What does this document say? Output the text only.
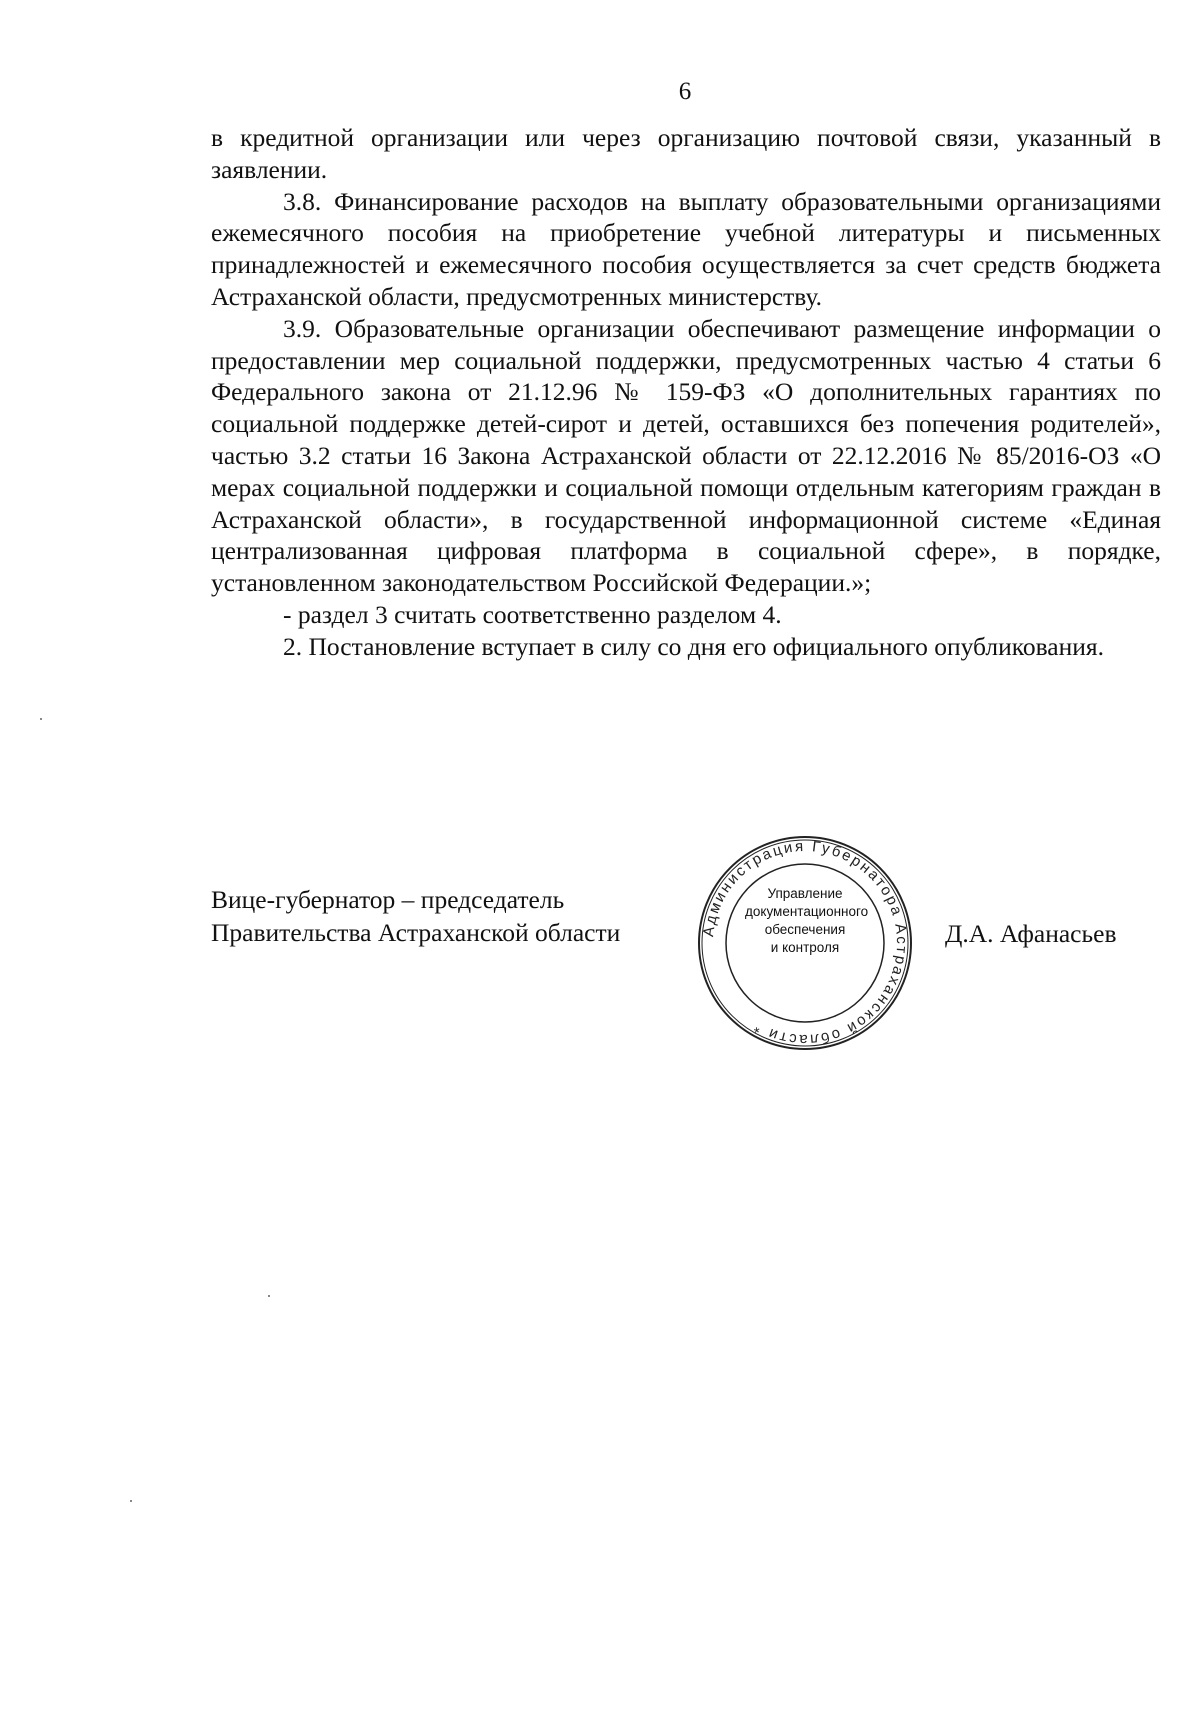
6

в кредитной организации или через организацию почтовой связи, указанный в заявлении.

3.8. Финансирование расходов на выплату образовательными организациями ежемесячного пособия на приобретение учебной литературы и письменных принадлежностей и ежемесячного пособия осуществляется за счет средств бюджета Астраханской области, предусмотренных министерству.

3.9. Образовательные организации обеспечивают размещение информации о предоставлении мер социальной поддержки, предусмотренных частью 4 статьи 6 Федерального закона от 21.12.96 № 159-ФЗ «О дополнительных гарантиях по социальной поддержке детей-сирот и детей, оставшихся без попечения родителей», частью 3.2 статьи 16 Закона Астраханской области от 22.12.2016 № 85/2016-ОЗ «О мерах социальной поддержки и социальной помощи отдельным категориям граждан в Астраханской области», в государственной информационной системе «Единая централизованная цифровая платформа в социальной сфере», в порядке, установленном законодательством Российской Федерации.»;

- раздел 3 считать соответственно разделом 4.

2. Постановление вступает в силу со дня его официального опубликования.

Вице-губернатор – председатель
Правительства Астраханской области	Администрация Губернатора Астраханской области *
Управление
документационного
обеспечения
и контроля	Д.А. Афанасьев
